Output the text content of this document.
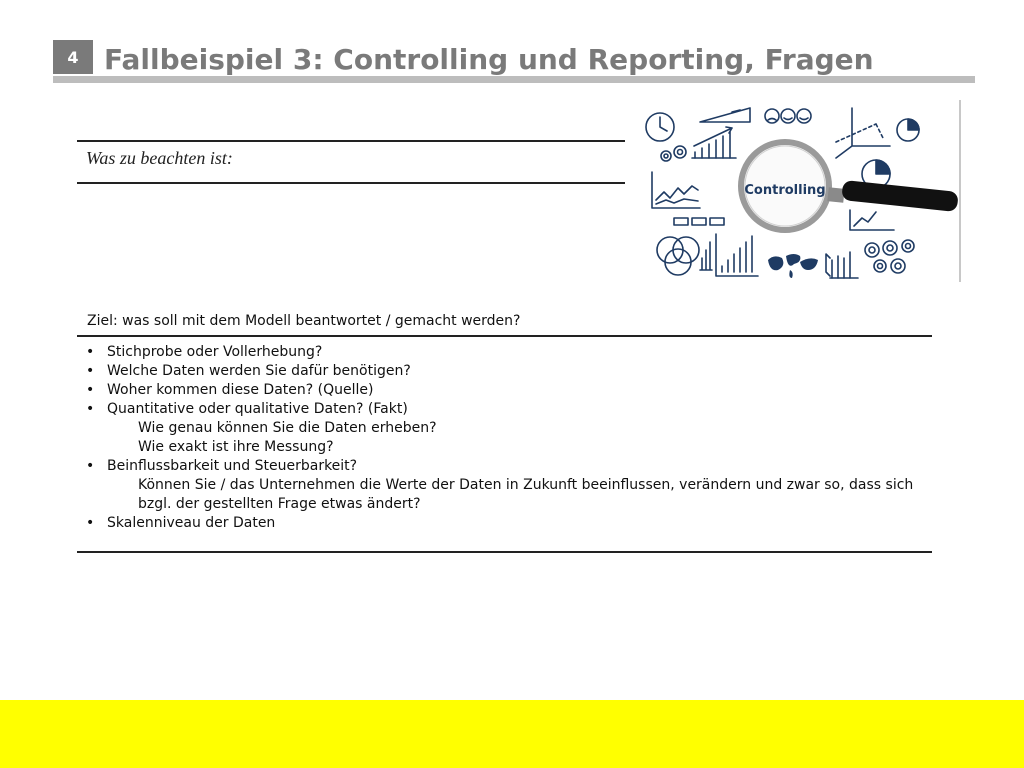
4 Fallbeispiel 3: Controlling und Reporting, Fragen
Was zu beachten ist:
Controlling
Ziel: was soll mit dem Modell beantwortet / gemacht werden?
• Stichprobe oder Vollerhebung?
• Welche Daten werden Sie dafür benötigen?
• Woher kommen diese Daten? (Quelle)
• Quantitative oder qualitative Daten? (Fakt)
Wie genau können Sie die Daten erheben?
Wie exakt ist ihre Messung?
• Beinflussbarkeit und Steuerbarkeit?
Können Sie / das Unternehmen die Werte der Daten in Zukunft beeinflussen, verändern und zwar so, dass sich bzgl. der gestellten Frage etwas ändert?
• Skalenniveau der Daten
